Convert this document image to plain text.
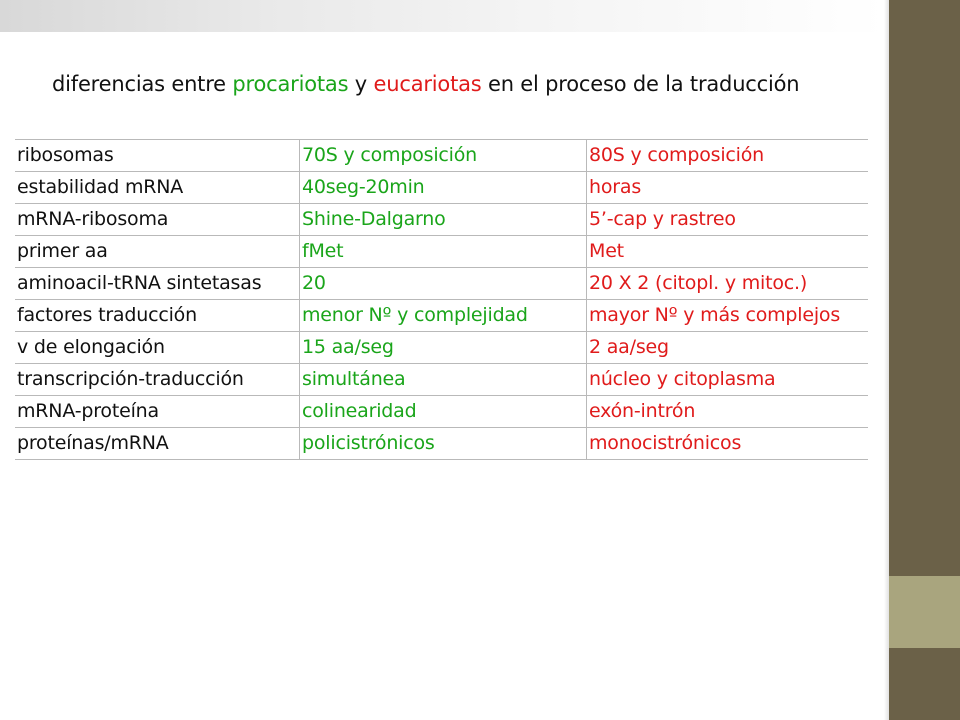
diferencias entre procariotas y eucariotas en el proceso de la traducción
ribosomas	70S y composición	80S y composición
estabilidad mRNA	40seg-20min	horas
mRNA-ribosoma	Shine-Dalgarno	5’-cap y rastreo
primer aa	fMet	Met
aminoacil-tRNA sintetasas	20	20 X 2 (citopl. y mitoc.)
factores traducción	menor Nº y complejidad	mayor Nº y más complejos
v de elongación	15 aa/seg	2 aa/seg
transcripción-traducción	simultánea	núcleo y citoplasma
mRNA-proteína	colinearidad	exón-intrón
proteínas/mRNA	policistrónicos	monocistrónicos
